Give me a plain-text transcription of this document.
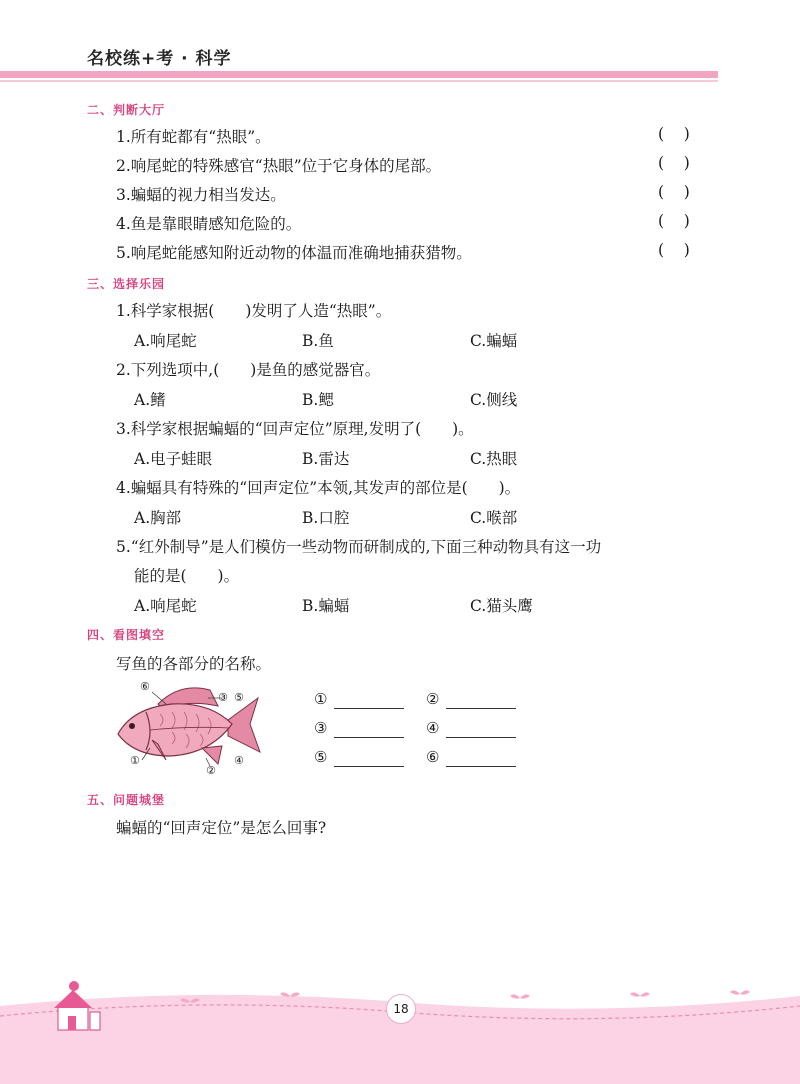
名校练+考 · 科学
二、判断大厅
1.所有蛇都有“热眼”。	(    )
2.响尾蛇的特殊感官“热眼”位于它身体的尾部。	(    )
3.蝙蝠的视力相当发达。	(    )
4.鱼是靠眼睛感知危险的。	(    )
5.响尾蛇能感知附近动物的体温而准确地捕获猎物。	(    )
三、选择乐园
1.科学家根据(　　)发明了人造“热眼”。
A.响尾蛇	B.鱼	C.蝙蝠
2.下列选项中,(　　)是鱼的感觉器官。
A.鳍	B.鳃	C.侧线
3.科学家根据蝙蝠的“回声定位”原理,发明了(　　)。
A.电子蛙眼	B.雷达	C.热眼
4.蝙蝠具有特殊的“回声定位”本领,其发声的部位是(　　)。
A.胸部	B.口腔	C.喉部
5.“红外制导”是人们模仿一些动物而研制成的,下面三种动物具有这一功
能的是(　　)。
A.响尾蛇	B.蝙蝠	C.猫头鹰
四、看图填空
写鱼的各部分的名称。
⑥
③ ⑤
①
②
④
①	②
③	④
⑤	⑥
五、问题城堡
蝙蝠的“回声定位”是怎么回事?
18
